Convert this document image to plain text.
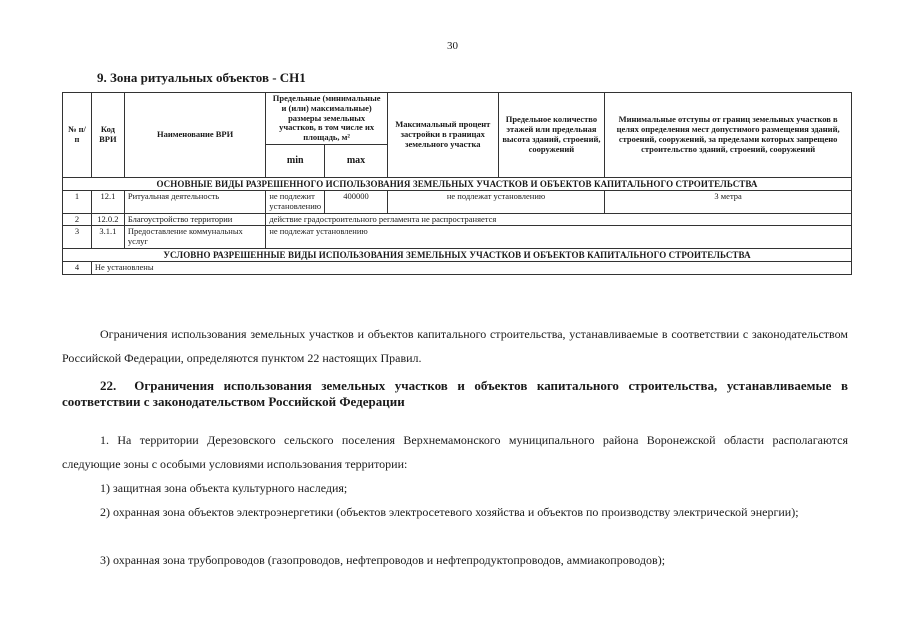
30
9. Зона ритуальных объектов - СН1
№ п/п	Код ВРИ	Наименование ВРИ	Предельные (минимальные и (или) максимальные) размеры земельных участков, в том числе их площадь, м²		Максимальный процент застройки в границах земельного участка	Предельное количество этажей или предельная высота зданий, строений, сооружений	Минимальные отступы от границ земельных участков в целях определения мест допустимого размещения зданий, строений, сооружений, за пределами которых запрещено строительство зданий, строений, сооружений
			min	max			
ОСНОВНЫЕ ВИДЫ РАЗРЕШЕННОГО ИСПОЛЬЗОВАНИЯ ЗЕМЕЛЬНЫХ УЧАСТКОВ И ОБЪЕКТОВ КАПИТАЛЬНОГО СТРОИТЕЛЬСТВА							
1	12.1	Ритуальная деятельность	не подлежит установлению	400000	не подлежат установлению		3 метра
2	12.0.2	Благоустройство территории	действие градостроительного регламента не распространяется				
3	3.1.1	Предоставление коммунальных услуг	не подлежат установлению				
УСЛОВНО РАЗРЕШЕННЫЕ ВИДЫ ИСПОЛЬЗОВАНИЯ ЗЕМЕЛЬНЫХ УЧАСТКОВ И ОБЪЕКТОВ КАПИТАЛЬНОГО СТРОИТЕЛЬСТВА							
4	Не установлены						

Ограничения использования земельных участков и объектов капитального строительства, устанавливаемые в соответствии с законодательством Российской Федерации, определяются пунктом 22 настоящих Правил.

22. Ограничения использования земельных участков и объектов капитального строительства, устанавливаемые в соответствии с законодательством Российской Федерации

1. На территории Дерезовского сельского поселения Верхнемамонского муниципального района Воронежской области располагаются следующие зоны с особыми условиями использования территории:

1) защитная зона объекта культурного наследия;

2) охранная зона объектов электроэнергетики (объектов электросетевого хозяйства и объектов по производству электрической энергии);

3) охранная зона трубопроводов (газопроводов, нефтепроводов и нефтепродуктопроводов, аммиакопроводов);
